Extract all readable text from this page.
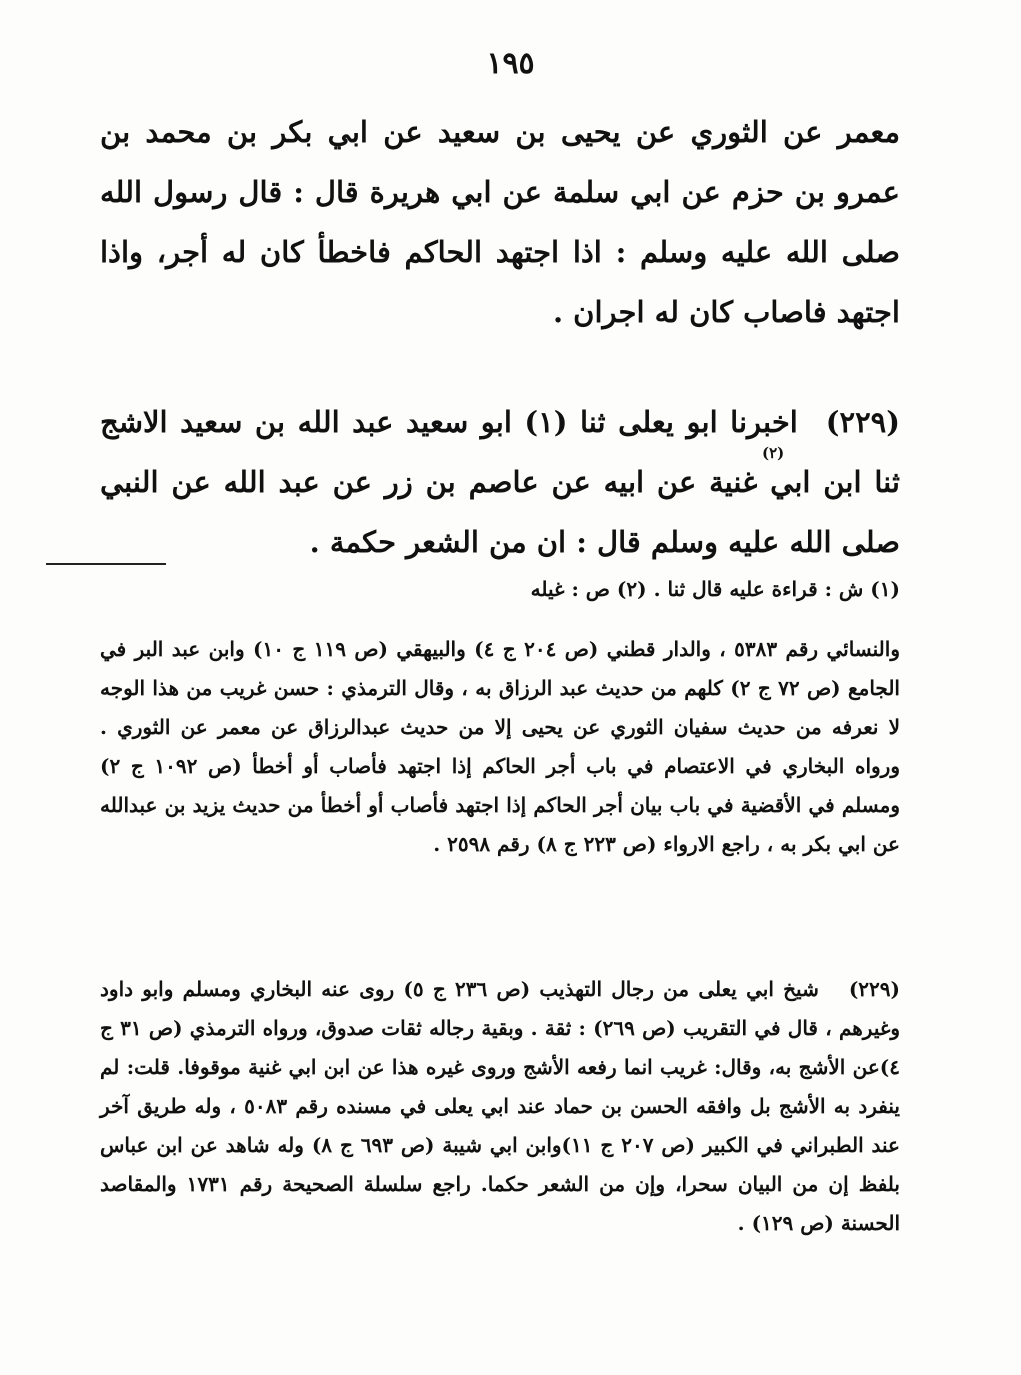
١٩٥

معمر عن الثوري عن يحيى بن سعيد عن ابي بكر بن محمد بن عمرو بن حزم عن ابي سلمة عن ابي هريرة قال : قال رسول الله صلى الله عليه وسلم : اذا اجتهد الحاكم فاخطأ كان له أجر، واذا اجتهد فاصاب كان له اجران .

(٢٢٩)اخبرنا ابو يعلى ثنا (١) ابو سعيد عبد الله بن سعيد الاشج ثنا ابن ابي غنية عن ابيه عن عاصم بن زر عن عبد الله عن النبي صلى الله عليه وسلم قال : ان من الشعر حكمة .

(٢)

(١) ش : قراءة عليه قال ثنا . (٢) ص : غيله

والنسائي رقم ٥٣٨٣ ، والدار قطني (ص ٢٠٤ ج ٤) والبيهقي (ص ١١٩ ج ١٠) وابن عبد البر في الجامع (ص ٧٢ ج ٢) كلهم من حديث عبد الرزاق به ، وقال الترمذي : حسن غريب من هذا الوجه لا نعرفه من حديث سفيان الثوري عن يحيى إلا من حديث عبدالرزاق عن معمر عن الثوري . ورواه البخاري في الاعتصام في باب أجر الحاكم إذا اجتهد فأصاب أو أخطأ (ص ١٠٩٢ ج ٢) ومسلم في الأقضية في باب بيان أجر الحاكم إذا اجتهد فأصاب أو أخطأ من حديث يزيد بن عبدالله عن ابي بكر به ، راجع الارواء (ص ٢٢٣ ج ٨) رقم ٢٥٩٨ .

(٢٢٩)شيخ ابي يعلى من رجال التهذيب (ص ٢٣٦ ج ٥) روى عنه البخاري ومسلم وابو داود وغيرهم ، قال في التقريب (ص ٢٦٩) : ثقة . وبقية رجاله ثقات صدوق، ورواه الترمذي (ص ٣١ ج ٤)عن الأشج به، وقال: غريب انما رفعه الأشج وروى غيره هذا عن ابن ابي غنية موقوفا. قلت: لم ينفرد به الأشج بل وافقه الحسن بن حماد عند ابي يعلى في مسنده رقم ٥٠٨٣ ، وله طريق آخر عند الطبراني في الكبير (ص ٢٠٧ ج ١١)وابن ابي شيبة (ص ٦٩٣ ج ٨) وله شاهد عن ابن عباس بلفظ إن من البيان سحرا، وإن من الشعر حكما. راجع سلسلة الصحيحة رقم ١٧٣١ والمقاصد الحسنة (ص ١٢٩) .
